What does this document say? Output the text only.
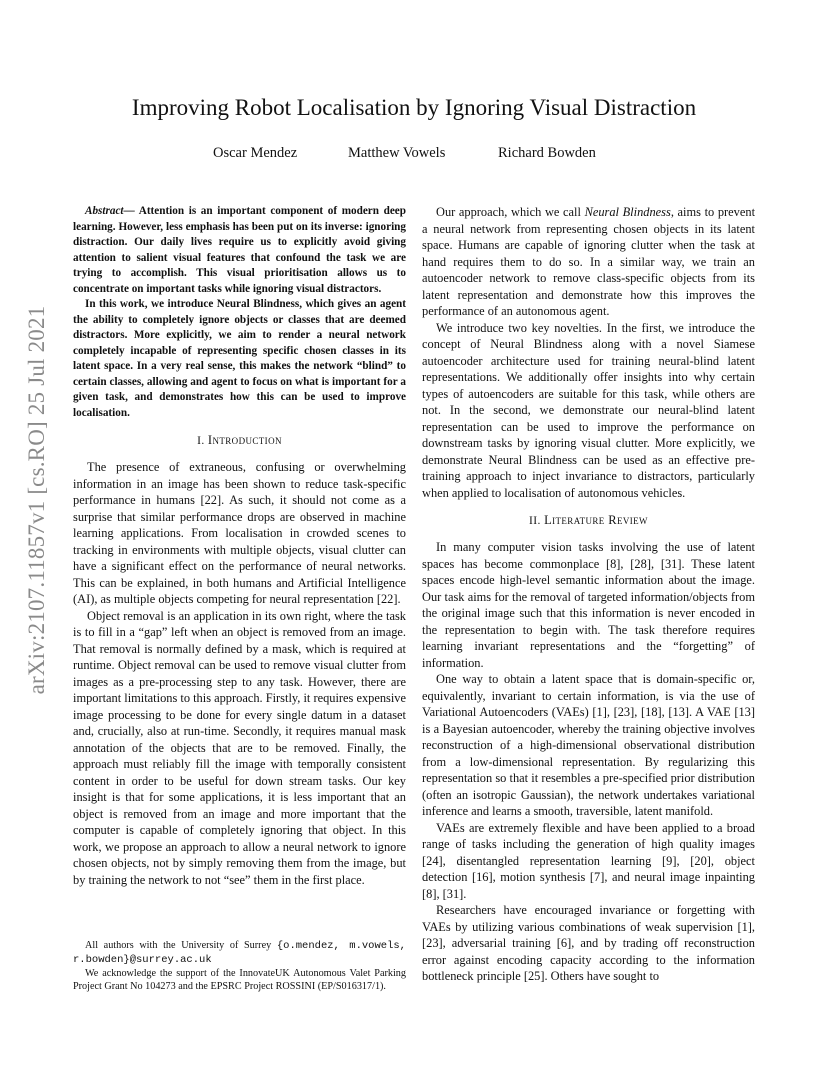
arXiv:2107.11857v1 [cs.RO] 25 Jul 2021
Improving Robot Localisation by Ignoring Visual Distraction
Oscar Mendez	Matthew Vowels	Richard Bowden

Abstract— Attention is an important component of modern deep learning. However, less emphasis has been put on its inverse: ignoring distraction. Our daily lives require us to explicitly avoid giving attention to salient visual features that confound the task we are trying to accomplish. This visual prioritisation allows us to concentrate on important tasks while ignoring visual distractors.

In this work, we introduce Neural Blindness, which gives an agent the ability to completely ignore objects or classes that are deemed distractors. More explicitly, we aim to render a neural network completely incapable of representing specific chosen classes in its latent space. In a very real sense, this makes the network “blind” to certain classes, allowing and agent to focus on what is important for a given task, and demonstrates how this can be used to improve localisation.

I. Introduction

The presence of extraneous, confusing or overwhelming information in an image has been shown to reduce task-specific performance in humans [22]. As such, it should not come as a surprise that similar performance drops are observed in machine learning applications. From localisation in crowded scenes to tracking in environments with multiple objects, visual clutter can have a significant effect on the performance of neural networks. This can be explained, in both humans and Artificial Intelligence (AI), as multiple objects competing for neural representation [22].

Object removal is an application in its own right, where the task is to fill in a “gap” left when an object is removed from an image. That removal is normally defined by a mask, which is required at runtime. Object removal can be used to remove visual clutter from images as a pre-processing step to any task. However, there are important limitations to this approach. Firstly, it requires expensive image processing to be done for every single datum in a dataset and, crucially, also at run-time. Secondly, it requires manual mask annotation of the objects that are to be removed. Finally, the approach must reliably fill the image with temporally consistent content in order to be useful for down stream tasks. Our key insight is that for some applications, it is less important that an object is removed from an image and more important that the computer is capable of completely ignoring that object. In this work, we propose an approach to allow a neural network to ignore chosen objects, not by simply removing them from the image, but by training the network to not “see” them in the first place.

All authors with the University of Surrey {o.mendez, m.vowels, r.bowden}@surrey.ac.uk

We acknowledge the support of the InnovateUK Autonomous Valet Parking Project Grant No 104273 and the EPSRC Project ROSSINI (EP/S016317/1).

Our approach, which we call Neural Blindness, aims to prevent a neural network from representing chosen objects in its latent space. Humans are capable of ignoring clutter when the task at hand requires them to do so. In a similar way, we train an autoencoder network to remove class-specific objects from its latent representation and demonstrate how this improves the performance of an autonomous agent.

We introduce two key novelties. In the first, we introduce the concept of Neural Blindness along with a novel Siamese autoencoder architecture used for training neural-blind latent representations. We additionally offer insights into why certain types of autoencoders are suitable for this task, while others are not. In the second, we demonstrate our neural-blind latent representation can be used to improve the performance on downstream tasks by ignoring visual clutter. More explicitly, we demonstrate Neural Blindness can be used as an effective pre-training approach to inject invariance to distractors, particularly when applied to localisation of autonomous vehicles.

II. Literature Review

In many computer vision tasks involving the use of latent spaces has become commonplace [8], [28], [31]. These latent spaces encode high-level semantic information about the image. Our task aims for the removal of targeted information/objects from the original image such that this information is never encoded in the representation to begin with. The task therefore requires learning invariant representations and the “forgetting” of information.

One way to obtain a latent space that is domain-specific or, equivalently, invariant to certain information, is via the use of Variational Autoencoders (VAEs) [1], [23], [18], [13]. A VAE [13] is a Bayesian autoencoder, whereby the training objective involves reconstruction of a high-dimensional observational distribution from a low-dimensional representation. By regularizing this representation so that it resembles a pre-specified prior distribution (often an isotropic Gaussian), the network undertakes variational inference and learns a smooth, traversible, latent manifold.

VAEs are extremely flexible and have been applied to a broad range of tasks including the generation of high quality images [24], disentangled representation learning [9], [20], object detection [16], motion synthesis [7], and neural image inpainting [8], [31].

Researchers have encouraged invariance or forgetting with VAEs by utilizing various combinations of weak supervision [1], [23], adversarial training [6], and by trading off reconstruction error against encoding capacity according to the information bottleneck principle [25]. Others have sought to
